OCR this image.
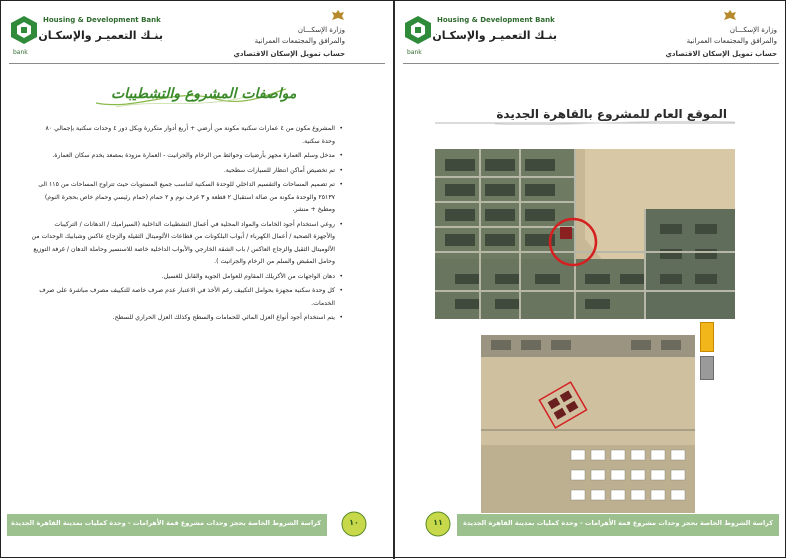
bank
Housing & Development Bank
بنـك التعميـر والإسكـان	وزارة الإسكـــان
والمرافق والمجتمعات العمرانية
حساب تمويل الإسكان الاقتصادي
مواصفات المشروع والتشطيبات
• المشروع مكون من ٤ عمارات سكنية مكونة من أرضي + أربع أدوار متكررة وبكل دور ٤ وحدات سكنية بإجمالي ٨٠ وحدة سكنية.
• مدخل وسلم العمارة مجهز بأرضيات وحوائط من الرخام والجرانيت - العمارة مزودة بمصعد يخدم سكان العمارة.
• تم تخصيص أماكن انتظار للسيارات سطحية.
• تم تصميم المساحات والتقسيم الداخلي للوحدة السكنية لتناسب جميع المستويات حيث تتراوح المساحات من ١١٥ الى ٢٥١٣٧ والوحدة مكونة من صالة استقبال ٢ قطعة و ٣ غرف نوم و ٢ حمام (حمام رئيسي وحمام خاص بحجرة النوم) ومطبخ + منشر.
• روعي استخدام أجود الخامات والمواد المحلية في أعمال التشطيبات الداخلية (السيراميك / الدهانات / التركيبات والأجهزة الصحية / أعمال الكهرباء / أبواب البلكونات من قطاعات الألوميتال الثقيلة والزجاج عاكس وشبابيك الوحدات من الألوميتال الثقيل والزجاج العاكس / باب الشقة الخارجي والأبواب الداخلية خاصة للاسنسير وحاملة الدهان / غرفة التوزيع وحامل المقبض والسلم من الرخام والجرانيت ).
• دهان الواجهات من الأكريلك المقاوم للعوامل الجوية والقابل للغسيل.
• كل وحدة سكنية مجهزة بحوامل التكييف رغم الأخذ في الاعتبار عدم صرف خاصة للتكييف مصرف مباشرة على صرف الخدمات.
• يتم استخدام أجود أنواع العزل المائي للحمامات والسطح وكذلك العزل الحراري للسطح.
كراسة الشروط الخاصة بحجز وحدات مشروع قمة الأهرامات - وحدة كمليات بمدينة القاهرة الجديدة	١٠
bank
Housing & Development Bank
بنـك التعميـر والإسكـان	وزارة الإسكـــان
والمرافق والمجتمعات العمرانية
حساب تمويل الإسكان الاقتصادي
الموقع العام للمشروع بالقاهرة الجديدة
١١	كراسة الشروط الخاصة بحجز وحدات مشروع قمة الأهرامات - وحدة كمليات بمدينة القاهرة الجديدة
